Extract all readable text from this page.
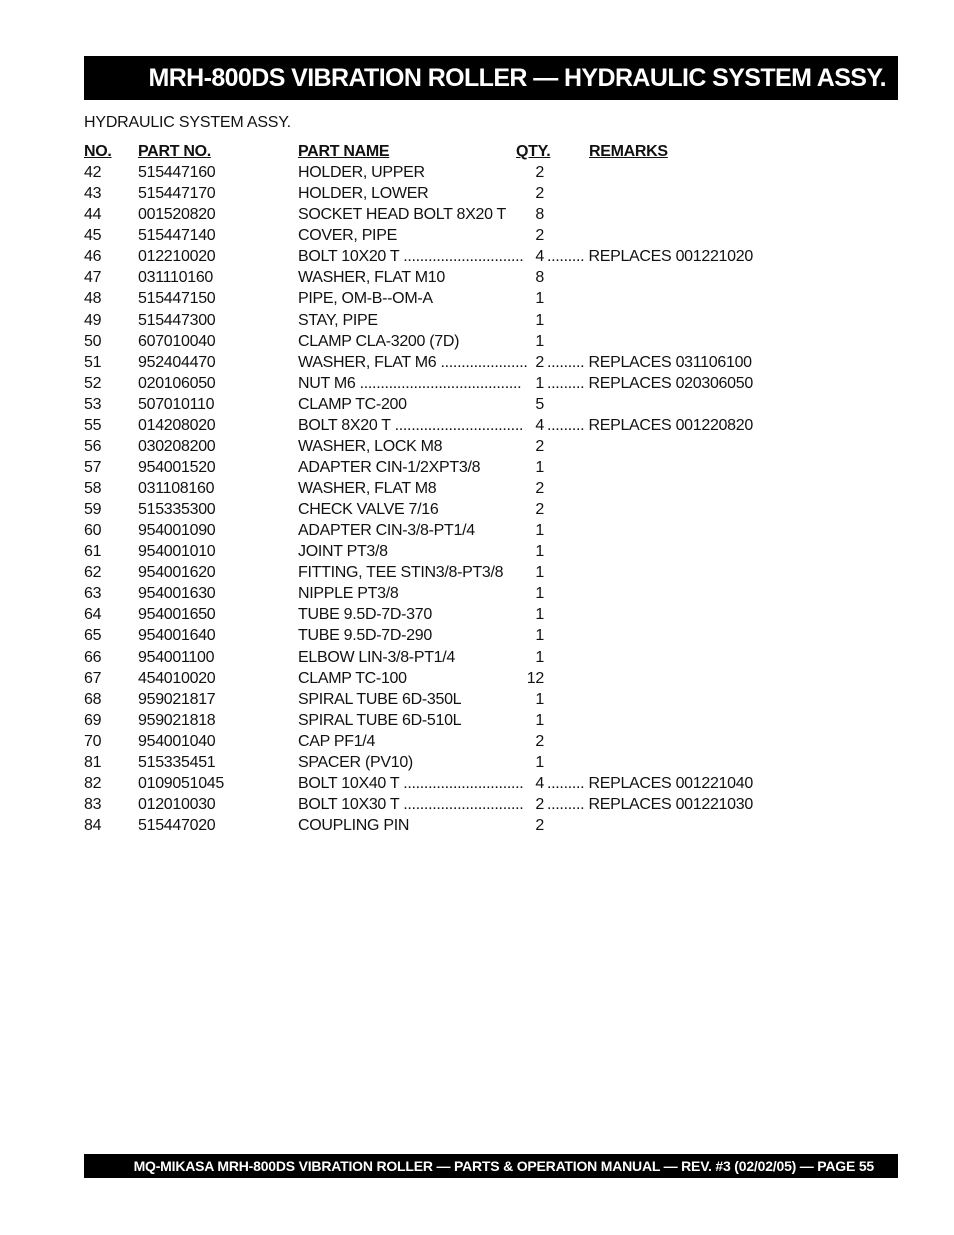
MRH-800DS VIBRATION ROLLER — HYDRAULIC SYSTEM ASSY.
HYDRAULIC SYSTEM ASSY.
NO. PART NO.	PART NAME	QTY. REMARKS
42 515447160	HOLDER, UPPER	2
43 515447170	HOLDER, LOWER	2
44 001520820	SOCKET HEAD BOLT 8X20 T	8
45 515447140	COVER, PIPE	2
46 012210020	BOLT 10X20 T ............................. 4 ......... REPLACES 001221020
47 031110160	WASHER, FLAT M10	8
48 515447150	PIPE, OM-B--OM-A	1
49 515447300	STAY, PIPE	1
50 607010040	CLAMP CLA-3200 (7D)	1
51 952404470	WASHER, FLAT M6 ..................... 2 ......... REPLACES 031106100
52 020106050	NUT M6 ....................................... 1 ......... REPLACES 020306050
53 507010110	CLAMP TC-200	5
55 014208020	BOLT 8X20 T ............................... 4 ......... REPLACES 001220820
56 030208200	WASHER, LOCK M8	2
57 954001520	ADAPTER CIN-1/2XPT3/8	1
58 031108160	WASHER, FLAT M8	2
59 515335300	CHECK VALVE 7/16	2
60 954001090	ADAPTER CIN-3/8-PT1/4	1
61 954001010	JOINT PT3/8	1
62 954001620	FITTING, TEE STIN3/8-PT3/8	1
63 954001630	NIPPLE PT3/8	1
64 954001650	TUBE 9.5D-7D-370	1
65 954001640	TUBE 9.5D-7D-290	1
66 954001100	ELBOW LIN-3/8-PT1/4	1
67 454010020	CLAMP TC-100	12
68 959021817	SPIRAL TUBE 6D-350L	1
69 959021818	SPIRAL TUBE 6D-510L	1
70 954001040	CAP PF1/4	2
81 515335451	SPACER (PV10)	1
82 0109051045	BOLT 10X40 T ............................. 4 ......... REPLACES 001221040
83 012010030	BOLT 10X30 T ............................. 2 ......... REPLACES 001221030
84 515447020	COUPLING PIN	2
MQ-MIKASA MRH-800DS VIBRATION ROLLER — PARTS & OPERATION MANUAL — REV. #3 (02/02/05) — PAGE 55
